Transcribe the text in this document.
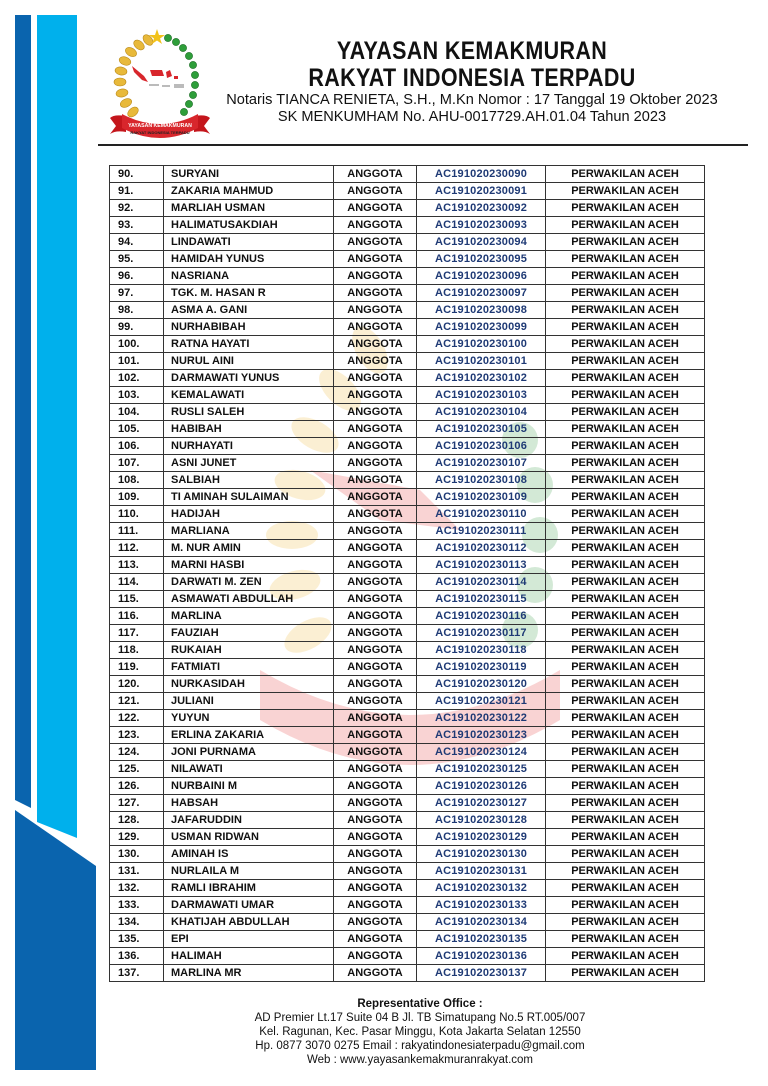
YAYASAN KEMAKMURAN
RAKYAT INDONESIA TERPADU
YAYASAN KEMAKMURAN
RAKYAT INDONESIA TERPADU
Notaris TIANCA RENIETA, S.H., M.Kn Nomor : 17 Tanggal 19 Oktober 2023
SK MENKUMHAM No. AHU-0017729.AH.01.04 Tahun 2023
90.	SURYANI	ANGGOTA	AC191020230090	PERWAKILAN ACEH
91.	ZAKARIA MAHMUD	ANGGOTA	AC191020230091	PERWAKILAN ACEH
92.	MARLIAH USMAN	ANGGOTA	AC191020230092	PERWAKILAN ACEH
93.	HALIMATUSAKDIAH	ANGGOTA	AC191020230093	PERWAKILAN ACEH
94.	LINDAWATI	ANGGOTA	AC191020230094	PERWAKILAN ACEH
95.	HAMIDAH YUNUS	ANGGOTA	AC191020230095	PERWAKILAN ACEH
96.	NASRIANA	ANGGOTA	AC191020230096	PERWAKILAN ACEH
97.	TGK. M. HASAN R	ANGGOTA	AC191020230097	PERWAKILAN ACEH
98.	ASMA A. GANI	ANGGOTA	AC191020230098	PERWAKILAN ACEH
99.	NURHABIBAH	ANGGOTA	AC191020230099	PERWAKILAN ACEH
100.	RATNA HAYATI	ANGGOTA	AC191020230100	PERWAKILAN ACEH
101.	NURUL AINI	ANGGOTA	AC191020230101	PERWAKILAN ACEH
102.	DARMAWATI YUNUS	ANGGOTA	AC191020230102	PERWAKILAN ACEH
103.	KEMALAWATI	ANGGOTA	AC191020230103	PERWAKILAN ACEH
104.	RUSLI SALEH	ANGGOTA	AC191020230104	PERWAKILAN ACEH
105.	HABIBAH	ANGGOTA	AC191020230105	PERWAKILAN ACEH
106.	NURHAYATI	ANGGOTA	AC191020230106	PERWAKILAN ACEH
107.	ASNI JUNET	ANGGOTA	AC191020230107	PERWAKILAN ACEH
108.	SALBIAH	ANGGOTA	AC191020230108	PERWAKILAN ACEH
109.	TI AMINAH SULAIMAN	ANGGOTA	AC191020230109	PERWAKILAN ACEH
110.	HADIJAH	ANGGOTA	AC191020230110	PERWAKILAN ACEH
111.	MARLIANA	ANGGOTA	AC191020230111	PERWAKILAN ACEH
112.	M. NUR AMIN	ANGGOTA	AC191020230112	PERWAKILAN ACEH
113.	MARNI HASBI	ANGGOTA	AC191020230113	PERWAKILAN ACEH
114.	DARWATI M. ZEN	ANGGOTA	AC191020230114	PERWAKILAN ACEH
115.	ASMAWATI ABDULLAH	ANGGOTA	AC191020230115	PERWAKILAN ACEH
116.	MARLINA	ANGGOTA	AC191020230116	PERWAKILAN ACEH
117.	FAUZIAH	ANGGOTA	AC191020230117	PERWAKILAN ACEH
118.	RUKAIAH	ANGGOTA	AC191020230118	PERWAKILAN ACEH
119.	FATMIATI	ANGGOTA	AC191020230119	PERWAKILAN ACEH
120.	NURKASIDAH	ANGGOTA	AC191020230120	PERWAKILAN ACEH
121.	JULIANI	ANGGOTA	AC191020230121	PERWAKILAN ACEH
122.	YUYUN	ANGGOTA	AC191020230122	PERWAKILAN ACEH
123.	ERLINA ZAKARIA	ANGGOTA	AC191020230123	PERWAKILAN ACEH
124.	JONI PURNAMA	ANGGOTA	AC191020230124	PERWAKILAN ACEH
125.	NILAWATI	ANGGOTA	AC191020230125	PERWAKILAN ACEH
126.	NURBAINI M	ANGGOTA	AC191020230126	PERWAKILAN ACEH
127.	HABSAH	ANGGOTA	AC191020230127	PERWAKILAN ACEH
128.	JAFARUDDIN	ANGGOTA	AC191020230128	PERWAKILAN ACEH
129.	USMAN RIDWAN	ANGGOTA	AC191020230129	PERWAKILAN ACEH
130.	AMINAH IS	ANGGOTA	AC191020230130	PERWAKILAN ACEH
131.	NURLAILA M	ANGGOTA	AC191020230131	PERWAKILAN ACEH
132.	RAMLI IBRAHIM	ANGGOTA	AC191020230132	PERWAKILAN ACEH
133.	DARMAWATI UMAR	ANGGOTA	AC191020230133	PERWAKILAN ACEH
134.	KHATIJAH ABDULLAH	ANGGOTA	AC191020230134	PERWAKILAN ACEH
135.	EPI	ANGGOTA	AC191020230135	PERWAKILAN ACEH
136.	HALIMAH	ANGGOTA	AC191020230136	PERWAKILAN ACEH
137.	MARLINA MR	ANGGOTA	AC191020230137	PERWAKILAN ACEH
Representative Office :
AD Premier Lt.17 Suite 04 B Jl. TB Simatupang No.5 RT.005/007
Kel. Ragunan, Kec. Pasar Minggu, Kota Jakarta Selatan 12550
Hp. 0877 3070 0275 Email : rakyatindonesiaterpadu@gmail.com
Web : www.yayasankemakmuranrakyat.com
